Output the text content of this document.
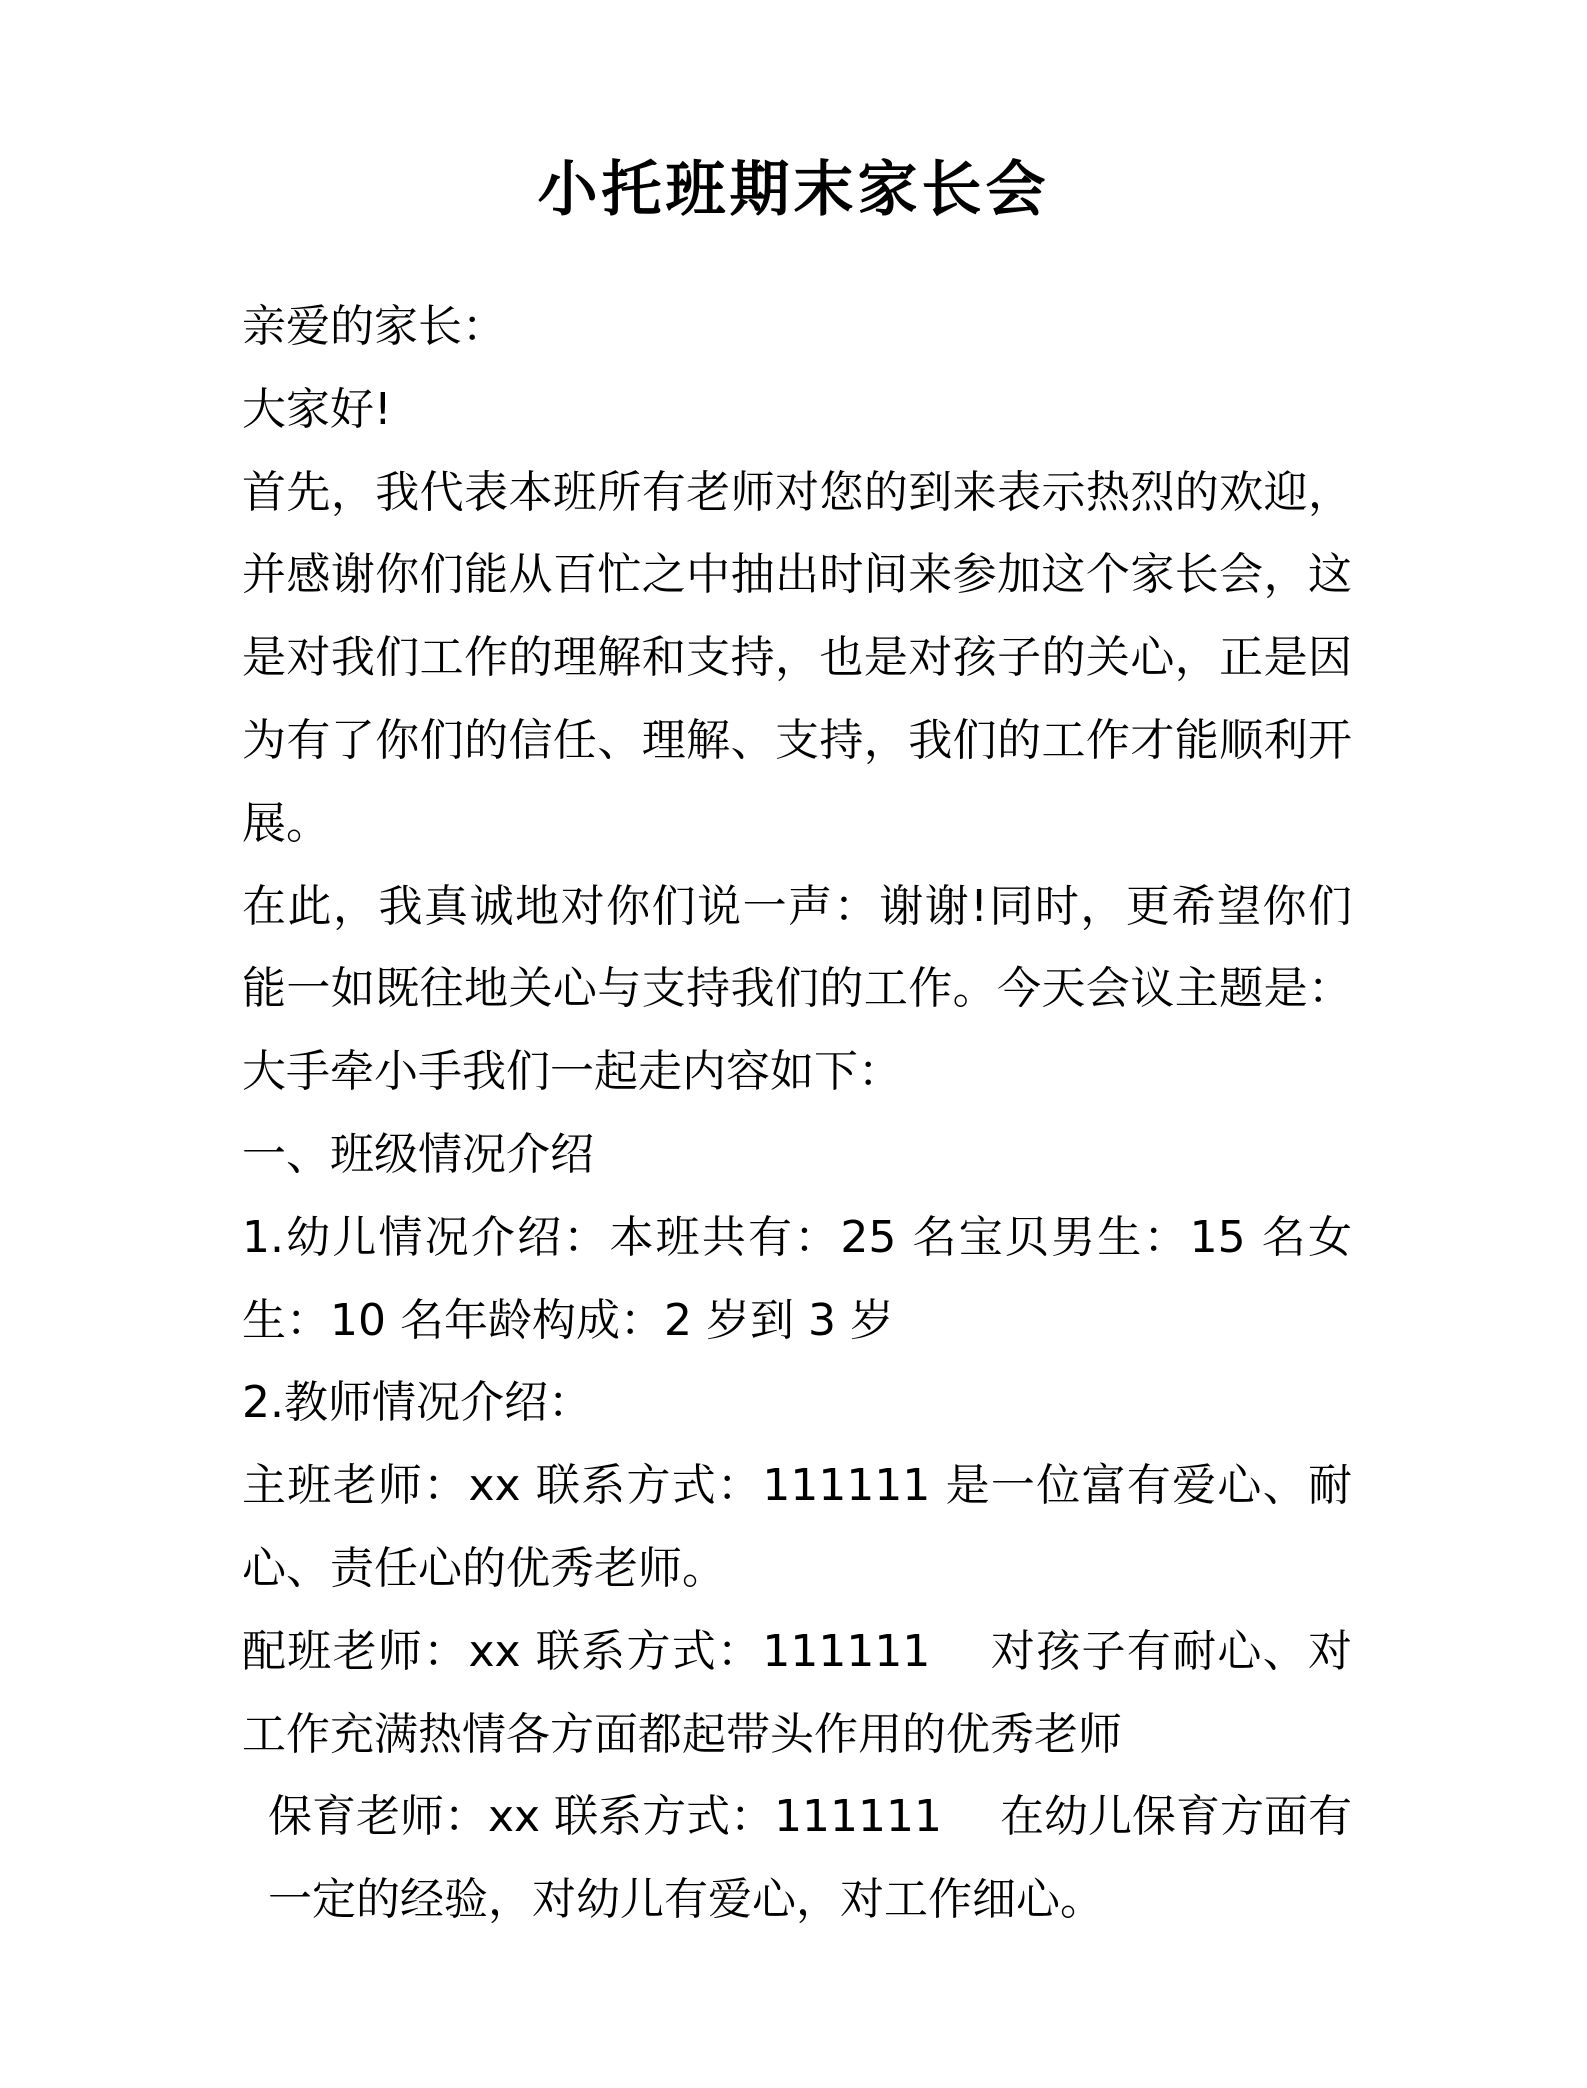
小托班期末家长会

亲爱的家长：

大家好!

首先，我代表本班所有老师对您的到来表示热烈的欢迎，并感谢你们能从百忙之中抽出时间来参加这个家长会，这是对我们工作的理解和支持，也是对孩子的关心，正是因为有了你们的信任、理解、支持，我们的工作才能顺利开展。

在此，我真诚地对你们说一声：谢谢!同时，更希望你们能一如既往地关心与支持我们的工作。今天会议主题是：大手牵小手我们一起走内容如下：

一、班级情况介绍

1.幼儿情况介绍：本班共有：25 名宝贝男生：15 名女生：10 名年龄构成：2 岁到 3 岁

2.教师情况介绍：

主班老师：xx 联系方式：111111 是一位富有爱心、耐心、责任心的优秀老师。

配班老师：xx 联系方式：111111 　对孩子有耐心、对工作充满热情各方面都起带头作用的优秀老师

保育老师：xx 联系方式：111111 　在幼儿保育方面有一定的经验，对幼儿有爱心，对工作细心。
